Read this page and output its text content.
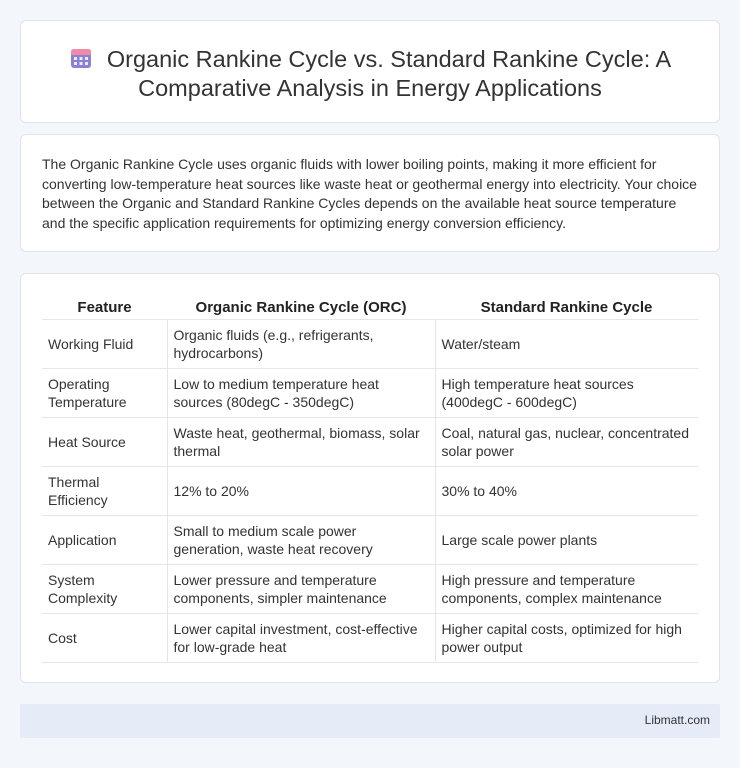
Organic Rankine Cycle vs. Standard Rankine Cycle: A Comparative Analysis in Energy Applications

The Organic Rankine Cycle uses organic fluids with lower boiling points, making it more efficient for converting low-temperature heat sources like waste heat or geothermal energy into electricity. Your choice between the Organic and Standard Rankine Cycles depends on the available heat source temperature and the specific application requirements for optimizing energy conversion efficiency.

Feature	Organic Rankine Cycle (ORC)	Standard Rankine Cycle
Working Fluid	Organic fluids (e.g., refrigerants, hydrocarbons)	Water/steam
Operating Temperature	Low to medium temperature heat sources (80degC - 350degC)	High temperature heat sources (400degC - 600degC)
Heat Source	Waste heat, geothermal, biomass, solar thermal	Coal, natural gas, nuclear, concentrated solar power
Thermal Efficiency	12% to 20%	30% to 40%
Application	Small to medium scale power generation, waste heat recovery	Large scale power plants
System Complexity	Lower pressure and temperature components, simpler maintenance	High pressure and temperature components, complex maintenance
Cost	Lower capital investment, cost-effective for low-grade heat	Higher capital costs, optimized for high power output
Libmatt.com
